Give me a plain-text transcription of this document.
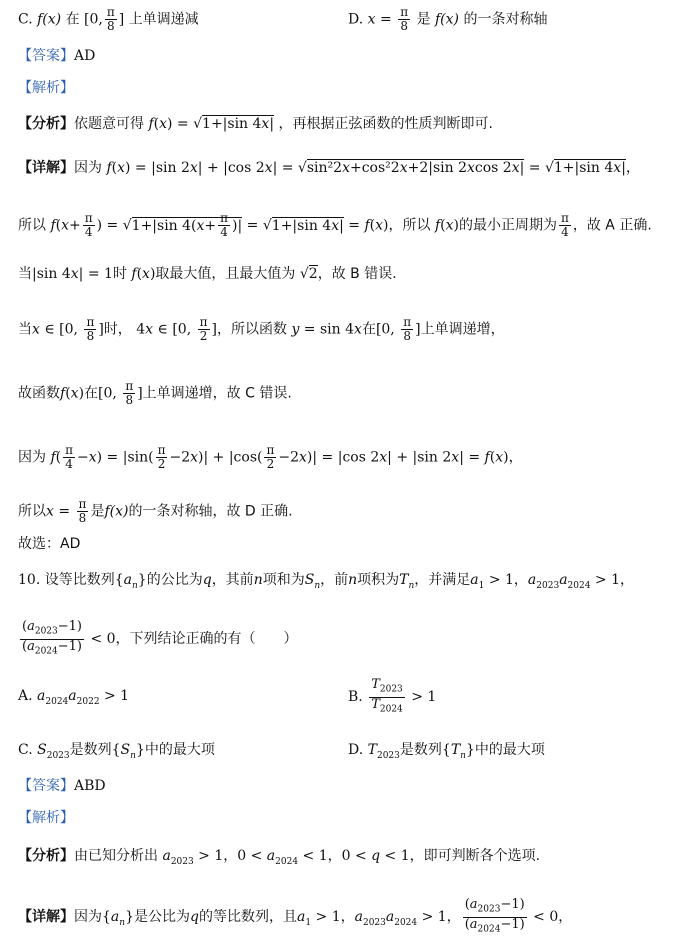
C. f(x) 在 [0, $\frac{\pi}{8}$ ] 上单调递减	D. $x = \frac{\pi}{8}$ 是 f(x) 的一条对称轴
【答案】AD
【解析】
【分析】依题意可得 f(x) = √1+|sin 4x| ，再根据正弦函数的性质判断即可.
【详解】因为 f(x) = |sin 2x| + |cos 2x| = √sin²2x+cos²2x+2|sin 2xcos 2x| = √1+|sin 4x|，
所以 $f(x+ \frac{\pi}{4}$ ) = √1+|sin $4(x+ \frac{\pi}{4}$ )| = √1+|sin 4x| = f(x)，所以 f(x)的最小正周期为 $\frac{\pi}{4}$ ，故 A 正确.
当|sin 4x| = 1时 f(x)取最大值，且最大值为 √2，故 B 错误.
当x ∈ [0, $\frac{\pi}{8}$ ]时， 4x ∈ [0, $\frac{\pi}{2}$ ]，所以函数 y = sin 4x在[0, $\frac{\pi}{8}$ ]上单调递增，
故函数f(x)在[0, $\frac{\pi}{8}$ ]上单调递增，故 C 错误.
因为 $f( \frac{\pi}{4} -x) = |\sin( \frac{\pi}{2} -2x)| + |\cos( \frac{\pi}{2} -2x)| = |\cos$ 2x| + |sin 2x| = f(x)，
所以$x = \frac{\pi}{8}$ 是f(x)的一条对称轴，故 D 正确.
故选：AD
10. 设等比数列$\{a_n\}$的公比为q，其前n项和为$S_n$，前n项积为$T_n$，并满足$a_1 > 1$，$a_{2023}a_{2024} > 1$，
$\frac{(a_{2023}-1)}{(a_{2024}-1)} < 0$，下列结论正确的有（　　）
A. $a_{2024}a_{2022} > 1$	B. $\frac{T_{2023}}{T_{2024}} > 1$
C. $S_{2023}$是数列$\{S_n\}$中的最大项	D. $T_{2023}$是数列$\{T_n\}$中的最大项
【答案】ABD
【解析】
【分析】由已知分析出 $a_{2023} > 1$，$0 < a_{2024} < 1$，0 < q < 1，即可判断各个选项.
【详解】因为$\{a_n\}$是公比为q的等比数列，且$a_1 > 1$，$a_{2023}a_{2024} > 1$， $\frac{(a_{2023}-1)}{(a_{2024}-1)} < 0$，
